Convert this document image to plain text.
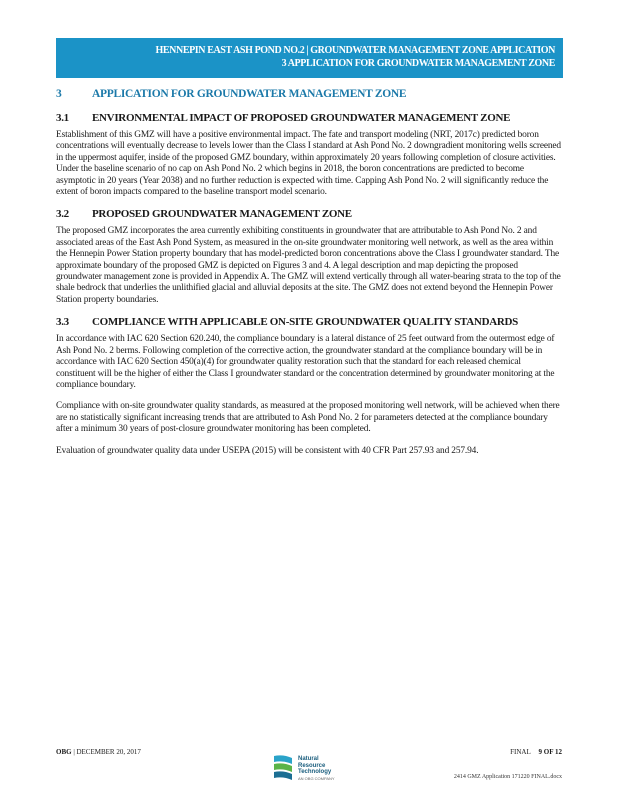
HENNEPIN EAST ASH POND NO.2 | GROUNDWATER MANAGEMENT ZONE APPLICATION
3 APPLICATION FOR GROUNDWATER MANAGEMENT ZONE
3	APPLICATION FOR GROUNDWATER MANAGEMENT ZONE
3.1	ENVIRONMENTAL IMPACT OF PROPOSED GROUNDWATER MANAGEMENT ZONE

Establishment of this GMZ will have a positive environmental impact. The fate and transport modeling (NRT, 2017c) predicted boron concentrations will eventually decrease to levels lower than the Class I standard at Ash Pond No. 2 downgradient monitoring wells screened in the uppermost aquifer, inside of the proposed GMZ boundary, within approximately 20 years following completion of closure activities. Under the baseline scenario of no cap on Ash Pond No. 2 which begins in 2018, the boron concentrations are predicted to become asymptotic in 20 years (Year 2038) and no further reduction is expected with time. Capping Ash Pond No. 2 will significantly reduce the extent of boron impacts compared to the baseline transport model scenario.

3.2	PROPOSED GROUNDWATER MANAGEMENT ZONE

The proposed GMZ incorporates the area currently exhibiting constituents in groundwater that are attributable to Ash Pond No. 2 and associated areas of the East Ash Pond System, as measured in the on-site groundwater monitoring well network, as well as the area within the Hennepin Power Station property boundary that has model-predicted boron concentrations above the Class I groundwater standard. The approximate boundary of the proposed GMZ is depicted on Figures 3 and 4. A legal description and map depicting the proposed groundwater management zone is provided in Appendix A. The GMZ will extend vertically through all water-bearing strata to the top of the shale bedrock that underlies the unlithified glacial and alluvial deposits at the site. The GMZ does not extend beyond the Hennepin Power Station property boundaries.

3.3	COMPLIANCE WITH APPLICABLE ON-SITE GROUNDWATER QUALITY STANDARDS

In accordance with IAC 620 Section 620.240, the compliance boundary is a lateral distance of 25 feet outward from the outermost edge of Ash Pond No. 2 berms. Following completion of the corrective action, the groundwater standard at the compliance boundary will be in accordance with IAC 620 Section 450(a)(4) for groundwater quality restoration such that the standard for each released chemical constituent will be the higher of either the Class I groundwater standard or the concentration determined by groundwater monitoring at the compliance boundary.

Compliance with on-site groundwater quality standards, as measured at the proposed monitoring well network, will be achieved when there are no statistically significant increasing trends that are attributed to Ash Pond No. 2 for parameters detected at the compliance boundary after a minimum 30 years of post-closure groundwater monitoring has been completed.

Evaluation of groundwater quality data under USEPA (2015) will be consistent with 40 CFR Part 257.93 and 257.94.

OBG | DECEMBER 20, 2017
Natural
Resource
Technology
AN OBG COMPANY
FINAL 9 OF 12
2414 GMZ Application 171220 FINAL.docx
